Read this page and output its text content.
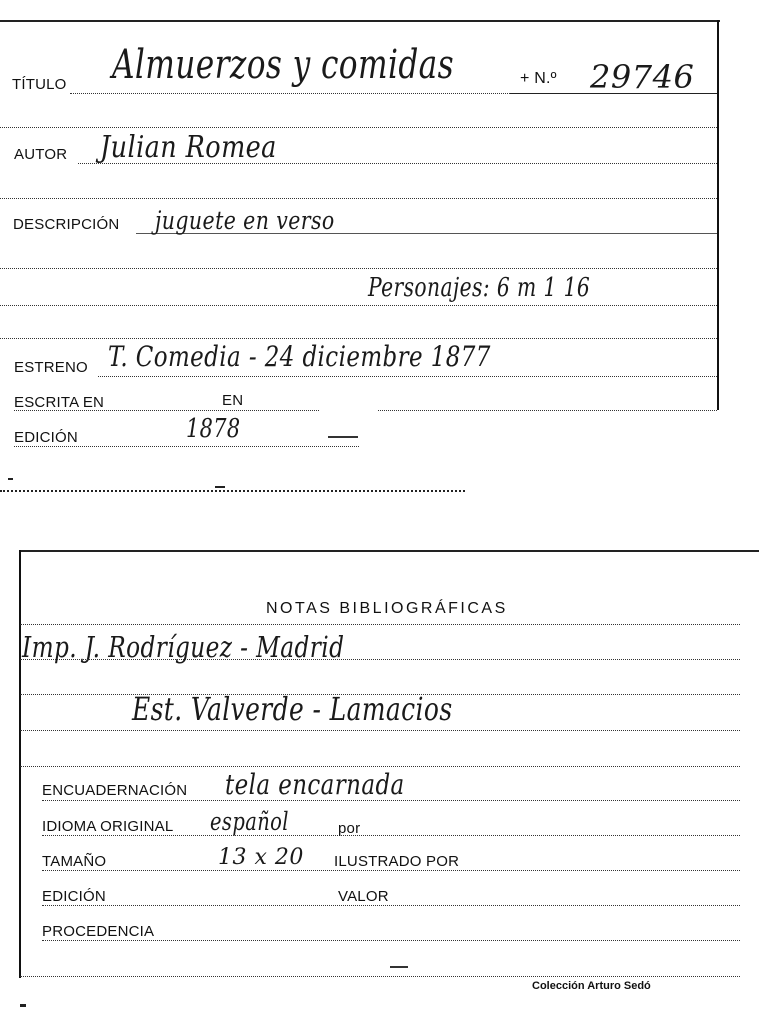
TÍTULO Almuerzos y comidas	+ N.º 29746
AUTOR Julian Romea
DESCRIPCIÓN juguete en verso
Personajes: 6 m 1 16
ESTRENO T. Comedia - 24 diciembre 1877
ESCRITA EN	EN
EDICIÓN	1878
NOTAS BIBLIOGRÁFICAS
Imp. J. Rodríguez - Madrid
Est. Valverde - Lamacios
ENCUADERNACIÓN tela encarnada
IDIOMA ORIGINAL español	por
TAMAÑO	13 x 20 ILUSTRADO POR
EDICIÓN	VALOR
PROCEDENCIA
Colección Arturo Sedó
